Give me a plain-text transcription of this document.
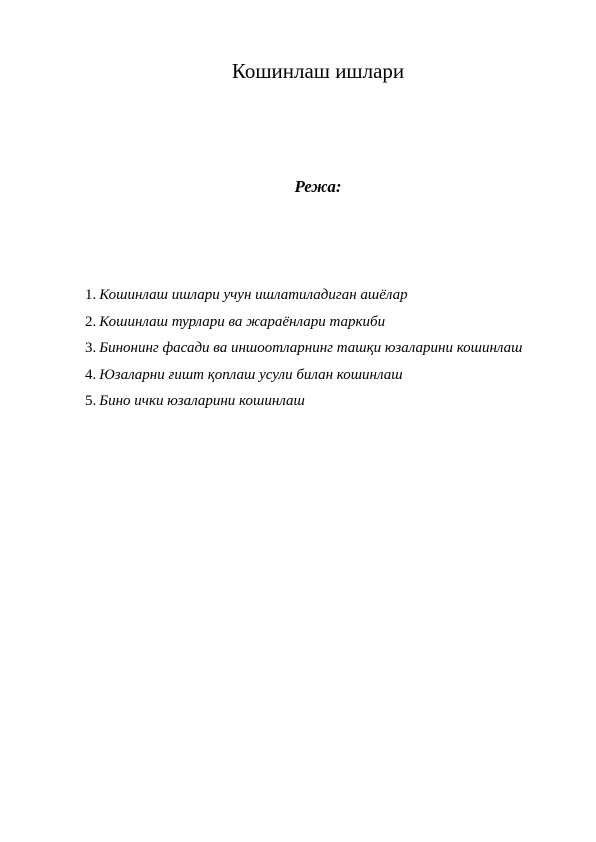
Кошинлаш ишлари
Режа:
1. Кошинлаш ишлари учун ишлатиладиган ашёлар
2. Кошинлаш турлари ва жараёнлари таркиби
3. Бинонинг фасади ва иншоотларнинг ташқи юзаларини кошинлаш
4. Юзаларни ғишт қоплаш усули билан кошинлаш
5. Бино ички юзаларини кошинлаш
